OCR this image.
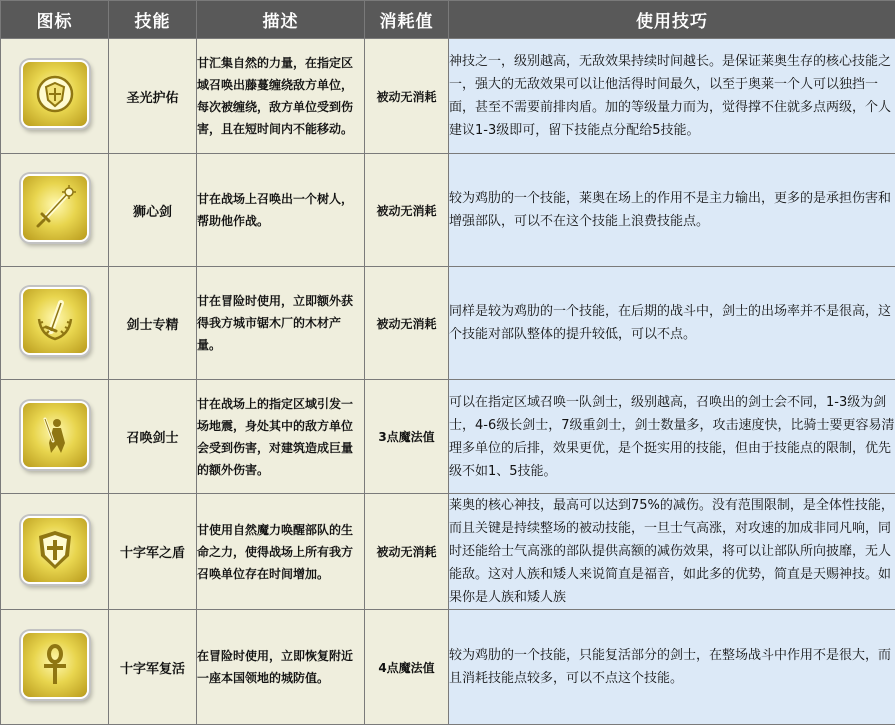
图标	技能	描述	消耗值	使用技巧

	圣光护佑	甘汇集自然的力量，在指定区域召唤出藤蔓缠绕敌方单位，每次被缠绕，敌方单位受到伤害，且在短时间内不能移动。	被动无消耗	神技之一，级别越高，无敌效果持续时间越长。是保证莱奥生存的核心技能之一，强大的无敌效果可以让他活得时间最久，以至于奥莱一个人可以独挡一面，甚至不需要前排肉盾。加的等级量力而为，觉得撑不住就多点两级，个人建议1-3级即可，留下技能点分配给5技能。

	狮心剑	甘在战场上召唤出一个树人，帮助他作战。	被动无消耗	较为鸡肋的一个技能，莱奥在场上的作用不是主力输出，更多的是承担伤害和增强部队，可以不在这个技能上浪费技能点。

	剑士专精	甘在冒险时使用，立即额外获得我方城市锯木厂的木材产量。	被动无消耗	同样是较为鸡肋的一个技能，在后期的战斗中，剑士的出场率并不是很高，这个技能对部队整体的提升较低，可以不点。

	召唤剑士	甘在战场上的指定区域引发一场地震，身处其中的敌方单位会受到伤害，对建筑造成巨量的额外伤害。	3点魔法值	可以在指定区域召唤一队剑士，级别越高，召唤出的剑士会不同，1-3级为剑士，4-6级长剑士，7级重剑士，剑士数量多，攻击速度快，比骑士要更容易清理多单位的后排，效果更优，是个挺实用的技能，但由于技能点的限制，优先级不如1、5技能。

	十字军之盾	甘使用自然魔力唤醒部队的生命之力，使得战场上所有我方召唤单位存在时间增加。	被动无消耗	莱奥的核心神技，最高可以达到75%的减伤。没有范围限制，是全体性技能，而且关键是持续整场的被动技能，一旦士气高涨，对攻速的加成非同凡响，同时还能给士气高涨的部队提供高额的减伤效果，将可以让部队所向披靡，无人能敌。这对人族和矮人来说简直是福音，如此多的优势，简直是天赐神技。如果你是人族和矮人族

	十字军复活	在冒险时使用，立即恢复附近一座本国领地的城防值。	4点魔法值	较为鸡肋的一个技能，只能复活部分的剑士，在整场战斗中作用不是很大，而且消耗技能点较多，可以不点这个技能。
